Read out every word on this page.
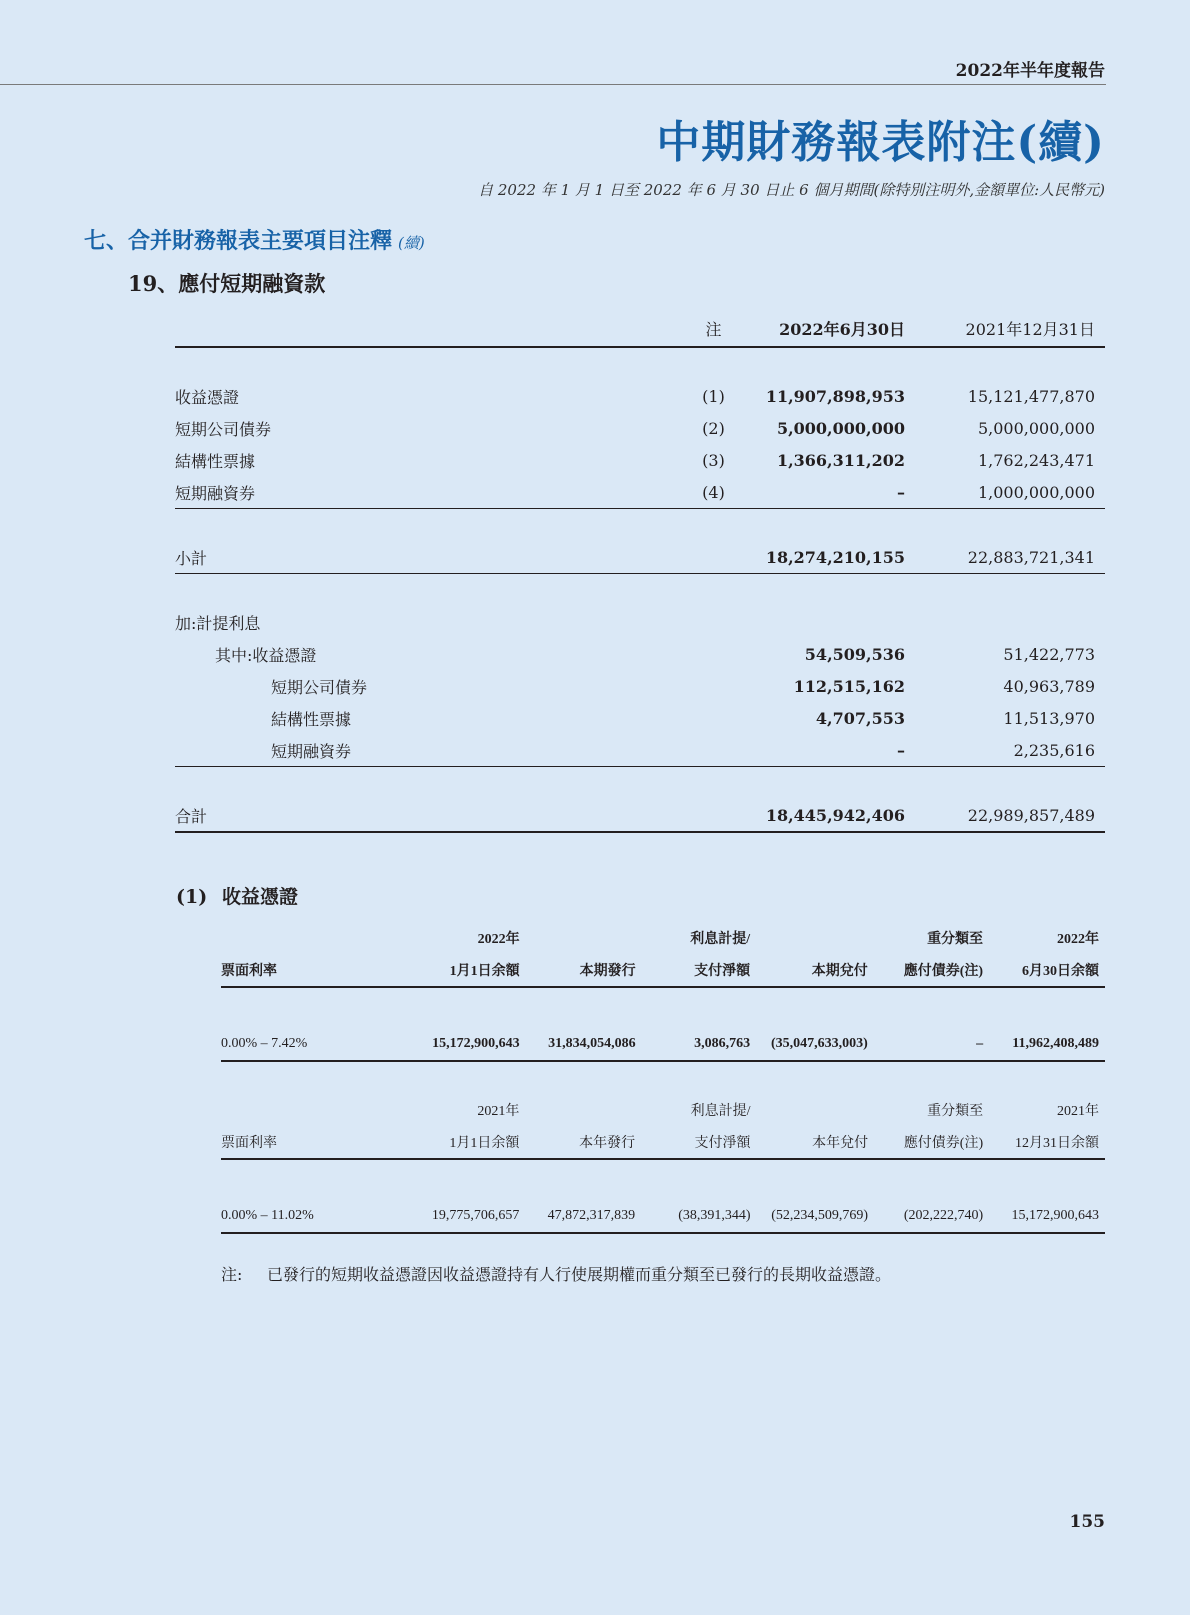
2022年半年度報告
中期財務報表附注(續)
自 2022 年 1 月 1 日至 2022 年 6 月 30 日止 6 個月期間(除特別注明外,金額單位:人民幣元)
七、合并財務報表主要項目注釋 (續)
19、應付短期融資款
	注	2022年6月30日	2021年12月31日

收益憑證	(1)	11,907,898,953	15,121,477,870
短期公司債券	(2)	5,000,000,000	5,000,000,000
結構性票據	(3)	1,366,311,202	1,762,243,471
短期融資券	(4)	–	1,000,000,000

小計		18,274,210,155	22,883,721,341

加:計提利息			
其中:收益憑證		54,509,536	51,422,773
短期公司債券		112,515,162	40,963,789
結構性票據		4,707,553	11,513,970
短期融資券		–	2,235,616

合計		18,445,942,406	22,989,857,489
(1) 收益憑證
	2022年		利息計提/		重分類至	2022年
票面利率	1月1日余額	本期發行	支付淨額	本期兌付	應付債券(注)	6月30日余額

0.00% – 7.42%	15,172,900,643	31,834,054,086	3,086,763	(35,047,633,003)	–	11,962,408,489
	2021年		利息計提/		重分類至	2021年
票面利率	1月1日余額	本年發行	支付淨額	本年兌付	應付債券(注)	12月31日余額

0.00% – 11.02%	19,775,706,657	47,872,317,839	(38,391,344)	(52,234,509,769)	(202,222,740)	15,172,900,643
注: 已發行的短期收益憑證因收益憑證持有人行使展期權而重分類至已發行的長期收益憑證。
155
